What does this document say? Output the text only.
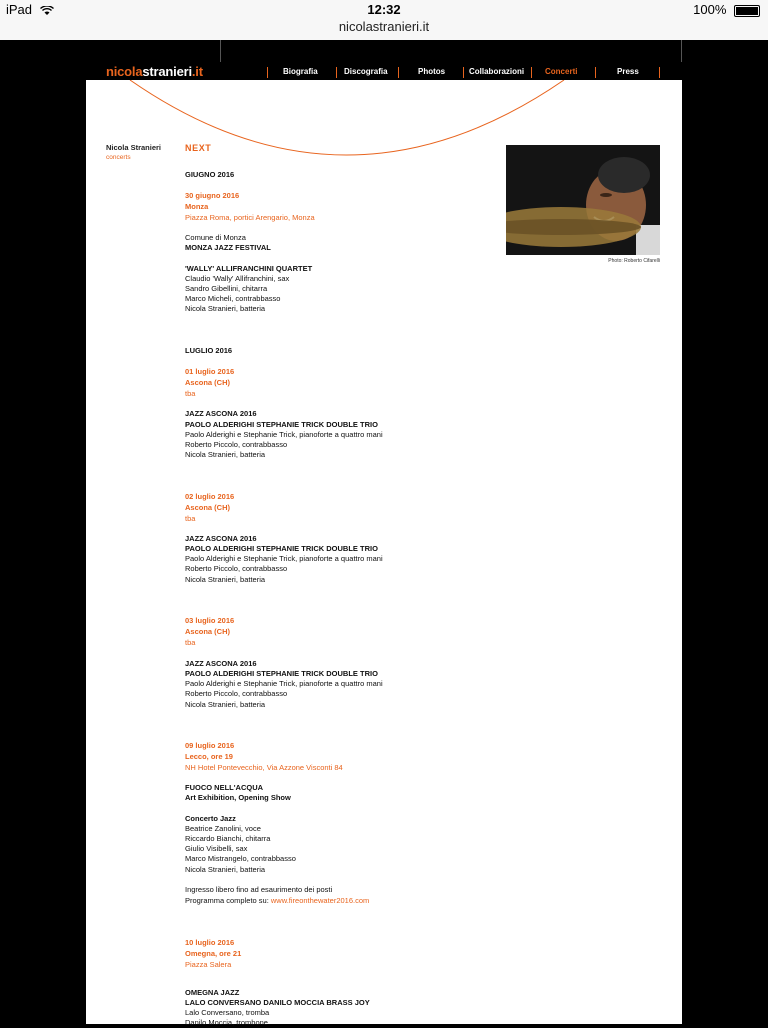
iPad	12:32	100%
nicolastranieri.it
nicolastranieri.it	Biografia	Discografia	Photos	Collaborazioni	Concerti	Press
Nicola Stranieri
concerts
NEXT
Photo: Roberto Cifarelli
GIUGNO 2016
30 giugno 2016
Monza
Piazza Roma, portici Arengario, Monza
Comune di Monza
MONZA JAZZ FESTIVAL
'WALLY' ALLIFRANCHINI QUARTET
Claudio 'Wally' Allifranchini, sax
Sandro Gibellini, chitarra
Marco Micheli, contrabbasso
Nicola Stranieri, batteria
LUGLIO 2016
01 luglio 2016
Ascona (CH)
tba
JAZZ ASCONA 2016
PAOLO ALDERIGHI STEPHANIE TRICK DOUBLE TRIO
Paolo Alderighi e Stephanie Trick, pianoforte a quattro mani
Roberto Piccolo, contrabbasso
Nicola Stranieri, batteria
02 luglio 2016
Ascona (CH)
tba
JAZZ ASCONA 2016
PAOLO ALDERIGHI STEPHANIE TRICK DOUBLE TRIO
Paolo Alderighi e Stephanie Trick, pianoforte a quattro mani
Roberto Piccolo, contrabbasso
Nicola Stranieri, batteria
03 luglio 2016
Ascona (CH)
tba
JAZZ ASCONA 2016
PAOLO ALDERIGHI STEPHANIE TRICK DOUBLE TRIO
Paolo Alderighi e Stephanie Trick, pianoforte a quattro mani
Roberto Piccolo, contrabbasso
Nicola Stranieri, batteria
09 luglio 2016
Lecco, ore 19
NH Hotel Pontevecchio, Via Azzone Visconti 84
FUOCO NELL'ACQUA
Art Exhibition, Opening Show
Concerto Jazz
Beatrice Zanolini, voce
Riccardo Bianchi, chitarra
Giulio Visibelli, sax
Marco Mistrangelo, contrabbasso
Nicola Stranieri, batteria
Ingresso libero fino ad esaurimento dei posti
Programma completo su: www.fireonthewater2016.com
10 luglio 2016
Omegna, ore 21
Piazza Salera
OMEGNA JAZZ
LALO CONVERSANO DANILO MOCCIA BRASS JOY
Lalo Conversano, tromba
Danilo Moccia, trombone
